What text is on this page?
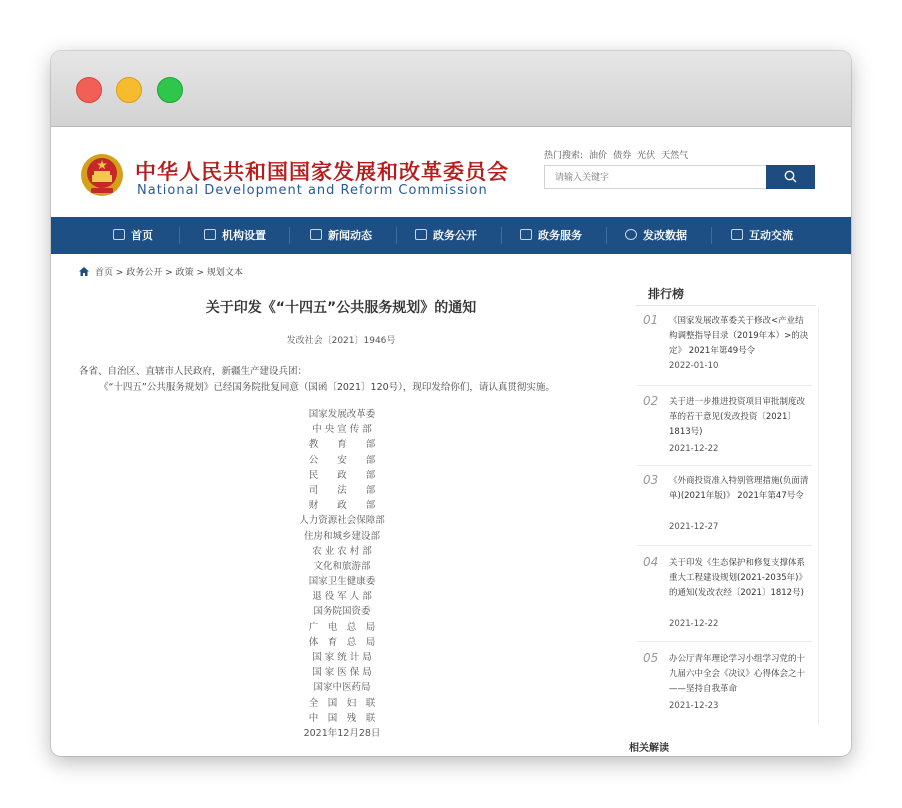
中华人民共和国国家发展和改革委员会
National Development and Reform Commission
热门搜索: 油价 债券 光伏 天然气
请输入关键字
首页	机构设置	新闻动态	政务公开	政务服务	发改数据	互动交流
首页 > 政务公开 > 政策 > 规划文本
关于印发《“十四五”公共服务规划》的通知
发改社会〔2021〕1946号
各省、自治区、直辖市人民政府，新疆生产建设兵团：
《“十四五”公共服务规划》已经国务院批复同意（国函〔2021〕120号），现印发给你们，请认真贯彻实施。
国家发展改革委
中 央 宣 传 部
教　　育　　部
公　　安　　部
民　　政　　部
司　　法　　部
财　　政　　部
人力资源社会保障部
住房和城乡建设部
农 业 农 村 部
文化和旅游部
国家卫生健康委
退 役 军 人 部
国务院国资委
广　电　总　局
体　育　总　局
国 家 统 计 局
国 家 医 保 局
国家中医药局
全　国　妇　联
中　国　残　联
2021年12月28日
排行榜
01 《国家发展改革委关于修改<产业结构调整指导目录（2019年本）>的决定》 2021年第49号令
2022-01-10
02 关于进一步推进投资项目审批制度改革的若干意见(发改投资〔2021〕1813号)
2021-12-22
03 《外商投资准入特别管理措施(负面清单)(2021年版)》 2021年第47号令
2021-12-27
04 关于印发《生态保护和修复支撑体系重大工程建设规划(2021-2035年)》的通知(发改农经〔2021〕1812号)
2021-12-22
05 办公厅青年理论学习小组学习党的十九届六中全会《决议》心得体会之十 ——坚持自我革命
2021-12-23
相关解读
